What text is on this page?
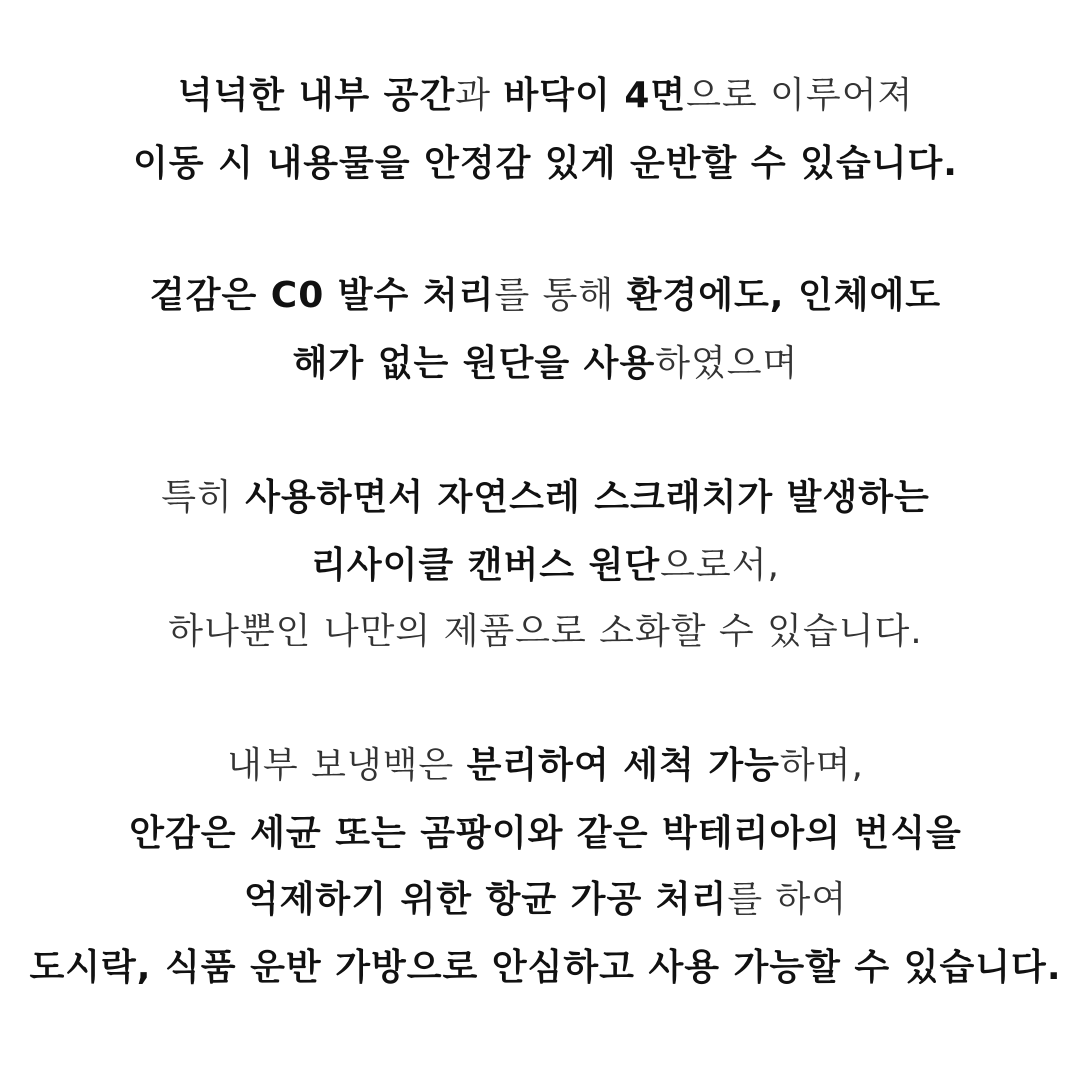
넉넉한 내부 공간과 바닥이 4면으로 이루어져
이동 시 내용물을 안정감 있게 운반할 수 있습니다.
겉감은 C0 발수 처리를 통해 환경에도, 인체에도
해가 없는 원단을 사용하였으며
특히 사용하면서 자연스레 스크래치가 발생하는
리사이클 캔버스 원단으로서,
하나뿐인 나만의 제품으로 소화할 수 있습니다.
내부 보냉백은 분리하여 세척 가능하며,
안감은 세균 또는 곰팡이와 같은 박테리아의 번식을
억제하기 위한 항균 가공 처리를 하여
도시락, 식품 운반 가방으로 안심하고 사용 가능할 수 있습니다.
